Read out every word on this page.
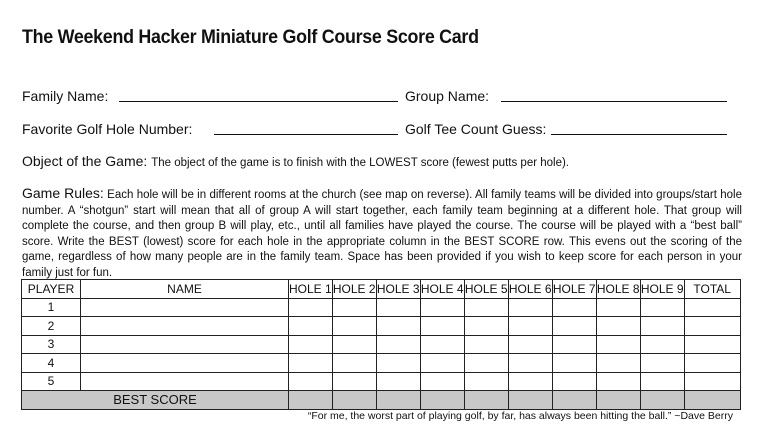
The Weekend Hacker Miniature Golf Course Score Card
Family Name:	Group Name:
Favorite Golf Hole Number:	Golf Tee Count Guess:
Object of the Game: The object of the game is to finish with the LOWEST score (fewest putts per hole).
Game Rules: Each hole will be in different rooms at the church (see map on reverse). All family teams will be divided into groups/start hole number. A “shotgun” start will mean that all of group A will start together, each family team beginning at a different hole. That group will complete the course, and then group B will play, etc., until all families have played the course. The course will be played with a “best ball” score. Write the BEST (lowest) score for each hole in the appropriate column in the BEST SCORE row. This evens out the scoring of the game, regardless of how many people are in the family team. Space has been provided if you wish to keep score for each person in your family just for fun.
PLAYER	NAME	HOLE 1	HOLE 2	HOLE 3	HOLE 4	HOLE 5	HOLE 6	HOLE 7	HOLE 8	HOLE 9	TOTAL
1											
2											
3											
4											
5											
BEST SCORE											
“For me, the worst part of playing golf, by far, has always been hitting the ball.” ~Dave Berry
